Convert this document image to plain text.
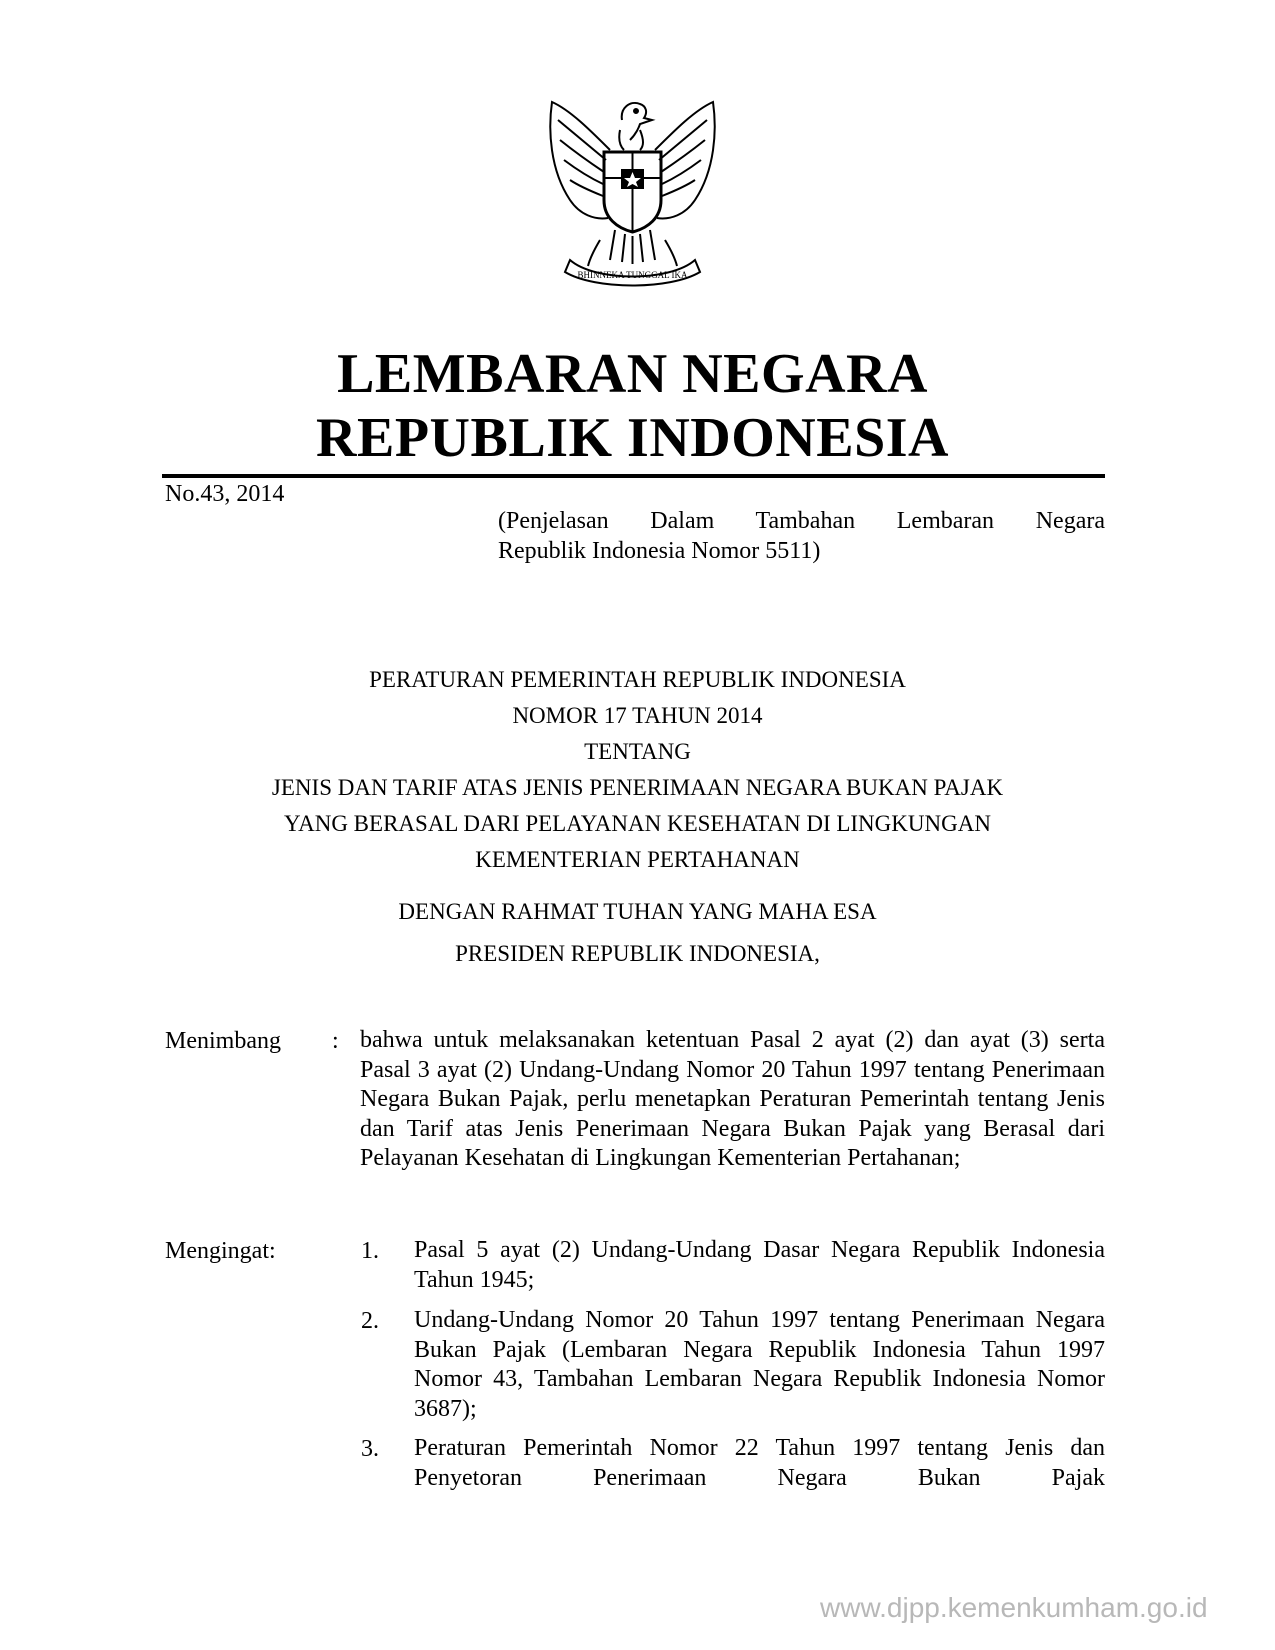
BHINNEKA TUNGGAL IKA
LEMBARAN NEGARA
REPUBLIK INDONESIA
No.43, 2014
(Penjelasan Dalam Tambahan Lembaran Negara
Republik Indonesia Nomor 5511)
PERATURAN PEMERINTAH REPUBLIK INDONESIA
NOMOR 17 TAHUN 2014
TENTANG
JENIS DAN TARIF ATAS JENIS PENERIMAAN NEGARA BUKAN PAJAK
YANG BERASAL DARI PELAYANAN KESEHATAN DI LINGKUNGAN
KEMENTERIAN PERTAHANAN
DENGAN RAHMAT TUHAN YANG MAHA ESA
PRESIDEN REPUBLIK INDONESIA,
Menimbang : bahwa untuk melaksanakan ketentuan Pasal 2 ayat (2) dan ayat (3) serta Pasal 3 ayat (2) Undang-Undang Nomor 20 Tahun 1997 tentang Penerimaan Negara Bukan Pajak, perlu menetapkan Peraturan Pemerintah tentang Jenis dan Tarif atas Jenis Penerimaan Negara Bukan Pajak yang Berasal dari Pelayanan Kesehatan di Lingkungan Kementerian Pertahanan;
Mengingat:	1. Pasal 5 ayat (2) Undang-Undang Dasar Negara Republik Indonesia Tahun 1945;
2. Undang-Undang Nomor 20 Tahun 1997 tentang Penerimaan Negara Bukan Pajak (Lembaran Negara Republik Indonesia Tahun 1997 Nomor 43, Tambahan Lembaran Negara Republik Indonesia Nomor 3687);
3. Peraturan Pemerintah Nomor 22 Tahun 1997 tentang Jenis dan Penyetoran Penerimaan Negara Bukan Pajak
www.djpp.kemenkumham.go.id
